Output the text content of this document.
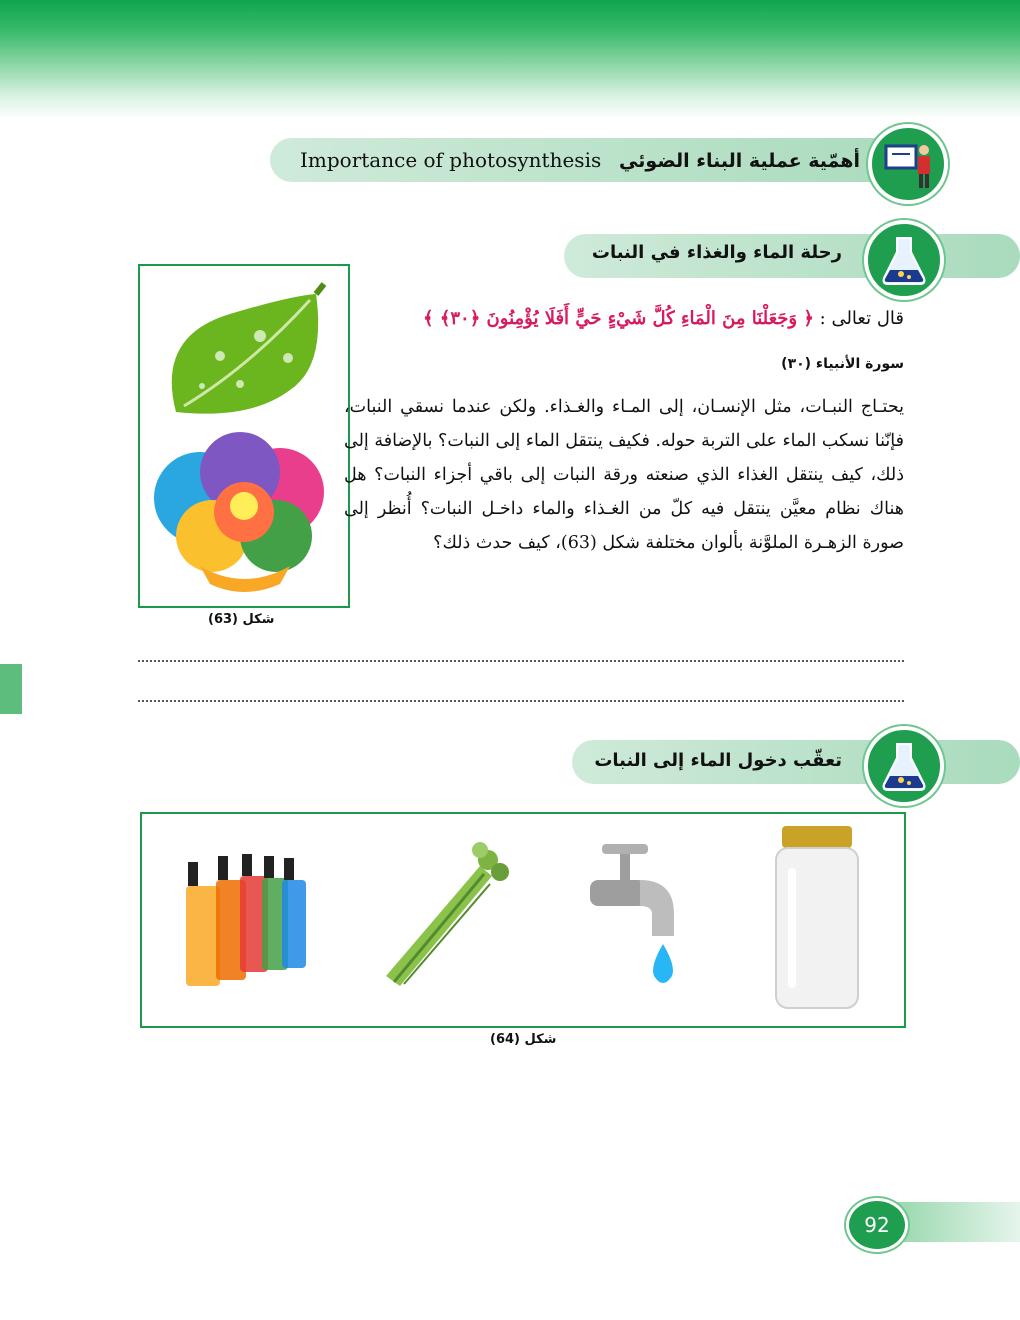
Importance of photosynthesis أهمّية عملية البناء الضوئي
رحلة الماء والغذاء في النبات
شكل (63)
قال تعالى : ﴿ وَجَعَلْنَا مِنَ الْمَاءِ كُلَّ شَيْءٍ حَيٍّ أَفَلَا يُؤْمِنُونَ ﴿٣٠﴾ ﴾
سورة الأنبياء (٣٠)
يحتـاج النبـات، مثل الإنسـان، إلى المـاء والغـذاء. ولكن عندما نسقي النبات، فإنّنا نسكب الماء على التربة حوله. فكيف ينتقل الماء إلى النبات؟ بالإضافة إلى ذلك، كيف ينتقل الغذاء الذي صنعته ورقة النبات إلى باقي أجزاء النبات؟ هل هناك نظام معيَّن ينتقل فيه كلّ من الغـذاء والماء داخـل النبات؟ أُنظر إلى صورة الزهـرة الملوَّنة بألوان مختلفة شكل (63)، كيف حدث ذلك؟
تعقّب دخول الماء إلى النبات
شكل (64)
92
